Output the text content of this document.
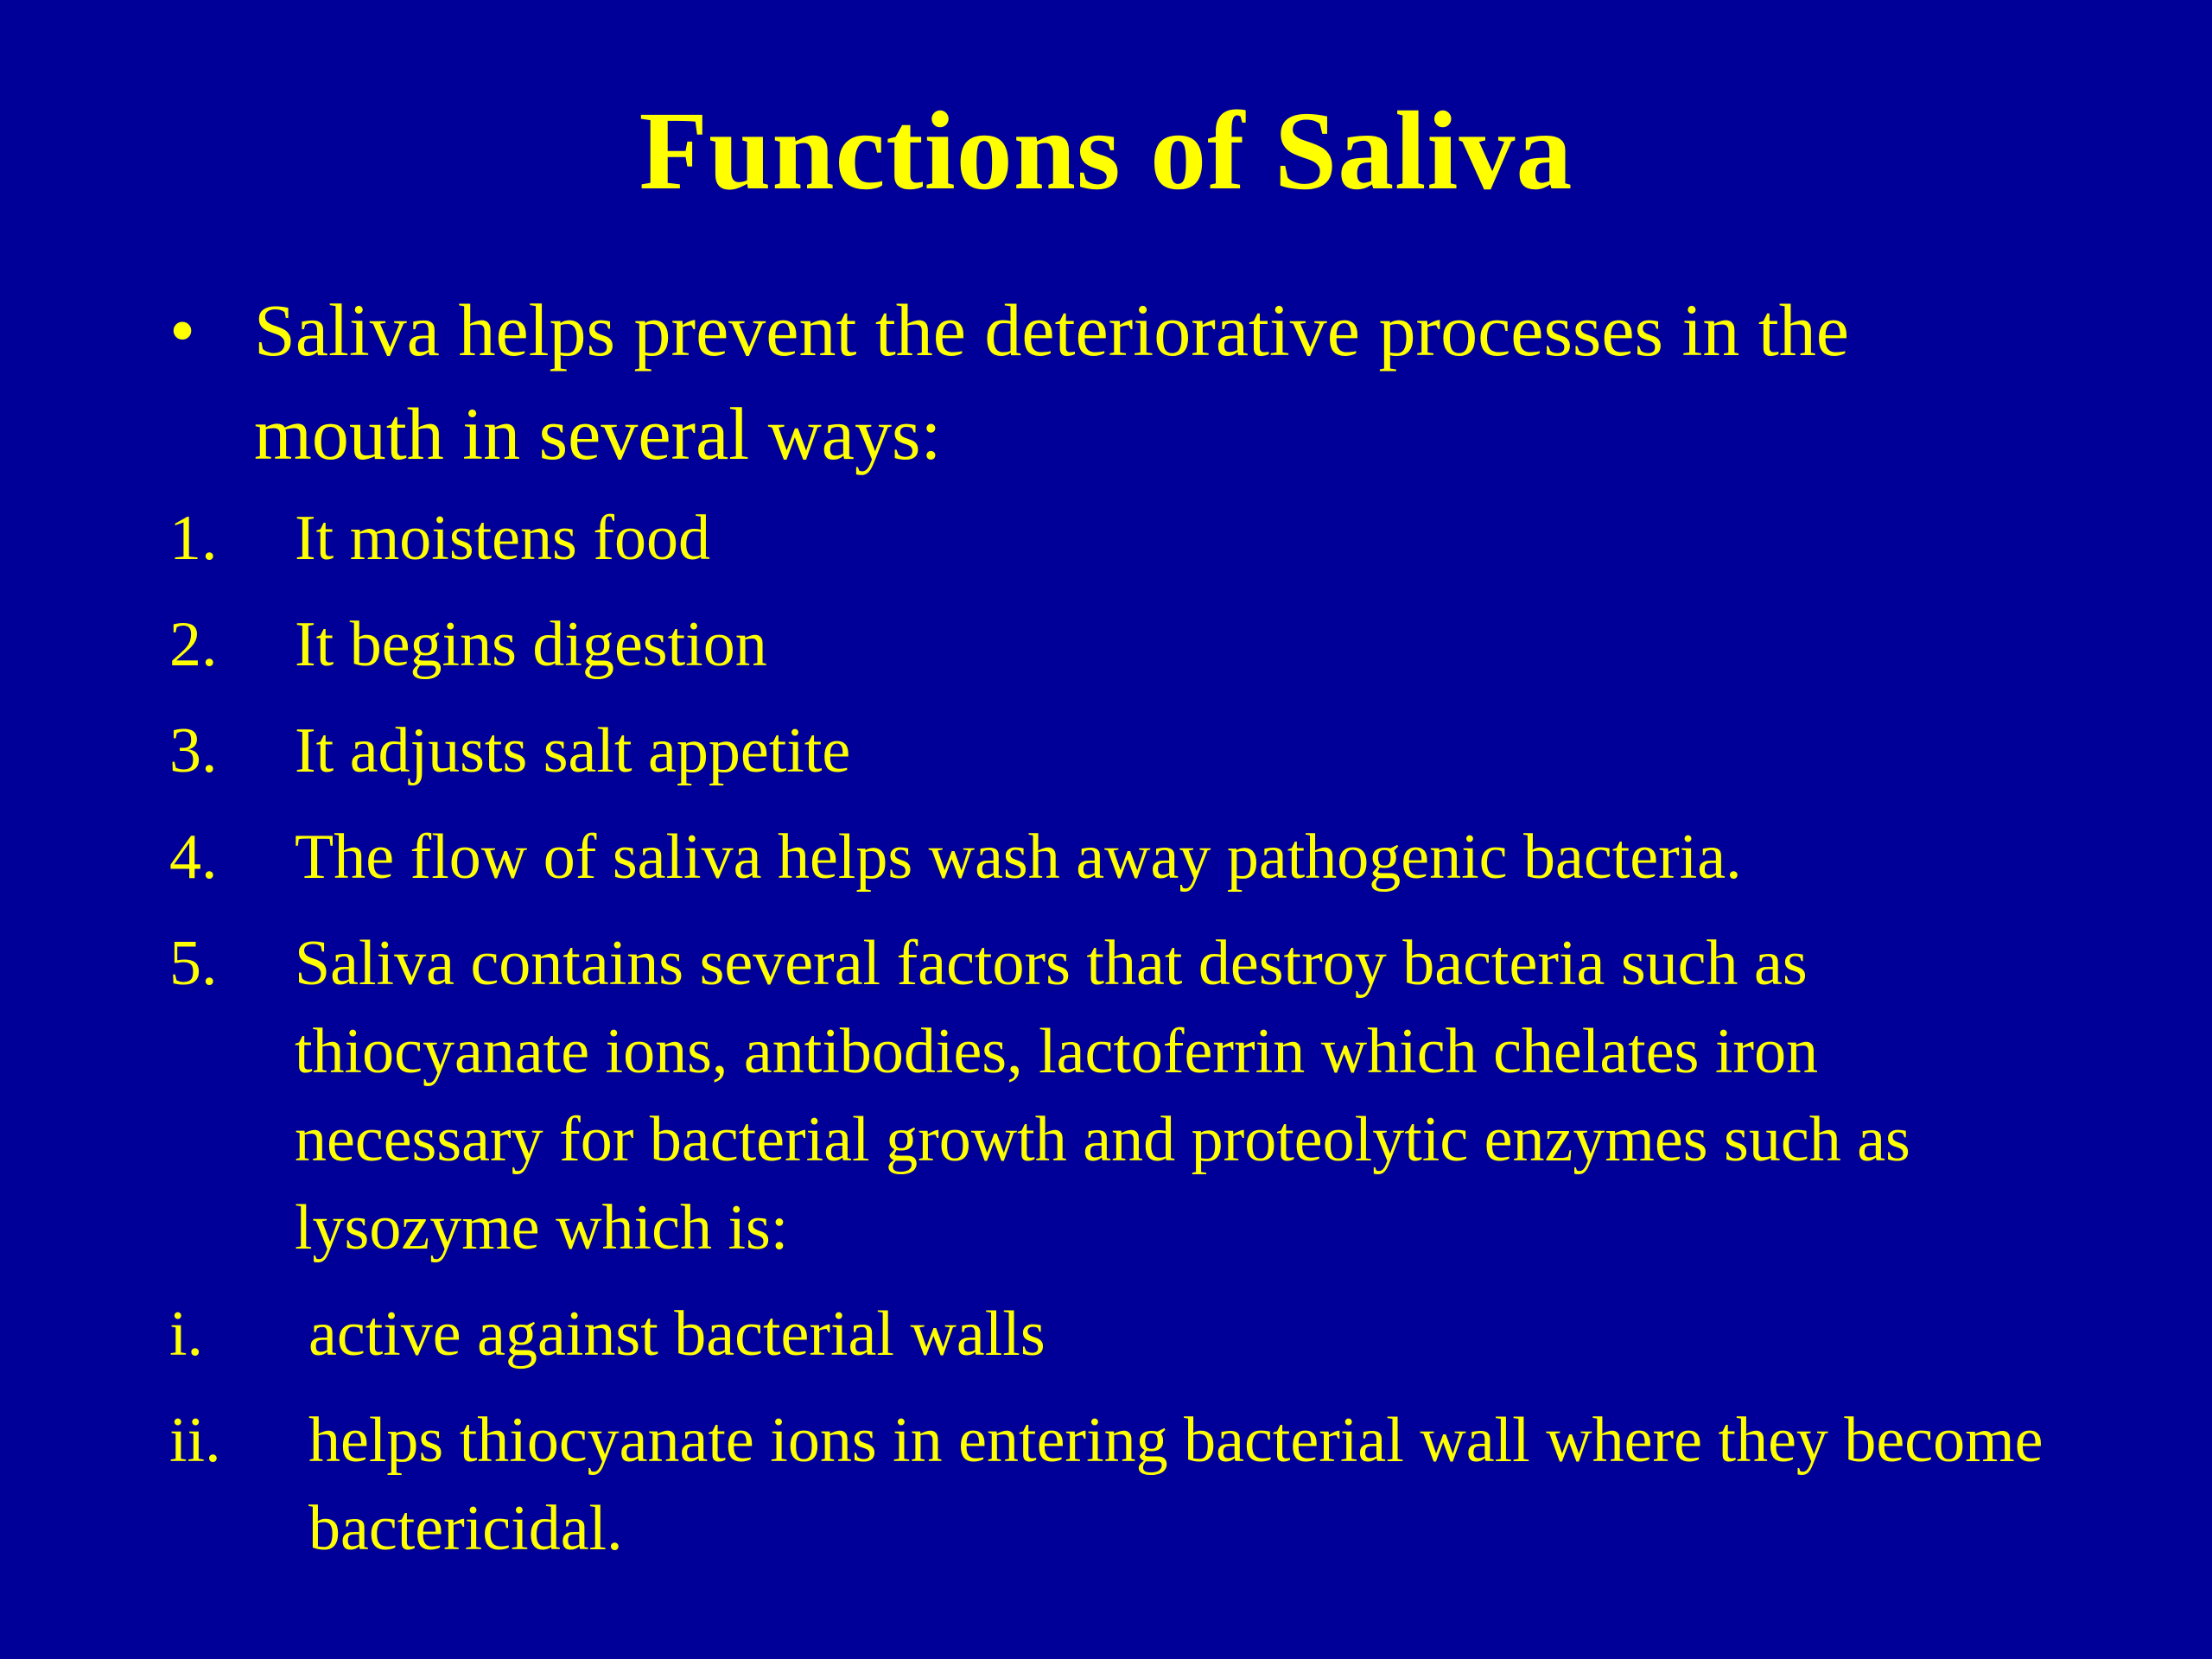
Functions of Saliva
• Saliva helps prevent the deteriorative processes in the mouth in several ways:
1.	It moistens food
2.	It begins digestion
3.	It adjusts salt appetite
4.	The flow of saliva helps wash away pathogenic bacteria.
5.	Saliva contains several factors that destroy bacteria such as thiocyanate ions, antibodies, lactoferrin which chelates iron necessary for bacterial growth and proteolytic enzymes such as lysozyme which is:
i.	active against bacterial walls
ii.	helps thiocyanate ions in entering bacterial wall where they become bactericidal.
